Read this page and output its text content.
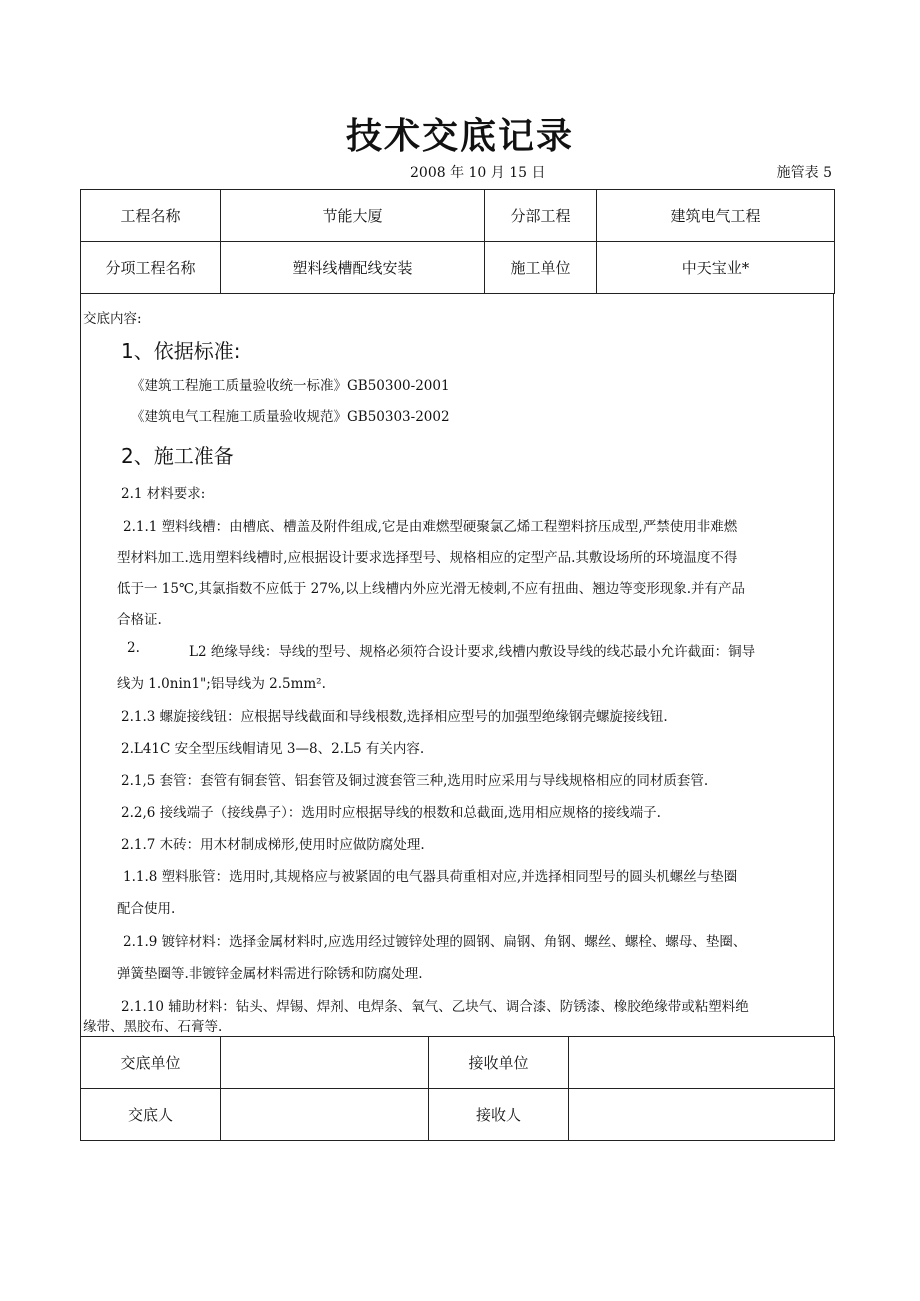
技术交底记录
2008 年 10 月 15 日	施管表 5
工程名称	节能大厦	分部工程	建筑电气工程
分项工程名称	塑料线槽配线安装	施工单位	中天宝业*
交底内容:
1、依据标准:
《建筑工程施工质量验收统一标准》GB50300-2001
《建筑电气工程施工质量验收规范》GB50303-2002
2、施工准备
2.1 材料要求:
2.1.1 塑料线槽：由槽底、槽盖及附件组成,它是由难燃型硬聚氯乙烯工程塑料挤压成型,严禁使用非难燃
型材料加工.选用塑料线槽时,应根据设计要求选择型号、规格相应的定型产品.其敷设场所的环境温度不得
低于一 15℃,其氯指数不应低于 27%,以上线槽内外应光滑无棱刺,不应有扭曲、翘边等变形现象.并有产品
合格证.
2.	L2 绝缘导线：导线的型号、规格必须符合设计要求,线槽内敷设导线的线芯最小允许截面：铜导
线为 1.0nin1";铝导线为 2.5mm².
2.1.3 螺旋接线钮：应根据导线截面和导线根数,选择相应型号的加强型绝缘钢壳螺旋接线钮.
2.L41C 安全型压线帽请见 3—8、2.L5 有关内容.
2.1,5 套管：套管有铜套管、铝套管及铜过渡套管三种,选用时应采用与导线规格相应的同材质套管.
2.2,6 接线端子（接线鼻子）：选用时应根据导线的根数和总截面,选用相应规格的接线端子.
2.1.7 木砖：用木材制成梯形,使用时应做防腐处理.
1.1.8 塑料胀管：选用时,其规格应与被紧固的电气器具荷重相对应,并选择相同型号的圆头机螺丝与垫圈
配合使用.
2.1.9 镀锌材料：选择金属材料时,应选用经过镀锌处理的圆钢、扁钢、角钢、螺丝、螺栓、螺母、垫圈、
弹簧垫圈等.非镀锌金属材料需进行除锈和防腐处理.
2.1.10 辅助材料：钻头、焊锡、焊剂、电焊条、氧气、乙块气、调合漆、防锈漆、橡胶绝缘带或粘塑料绝
缘带、黑胶布、石膏等.
交底单位		接收单位	
交底人		接收人	
